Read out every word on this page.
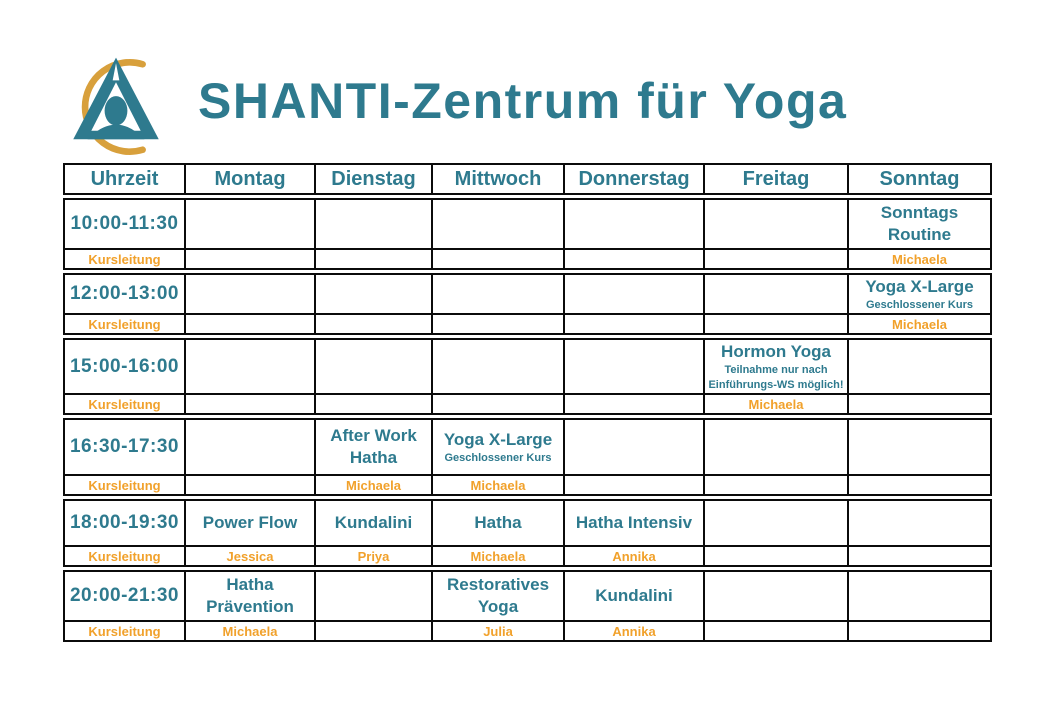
SHANTI-Zentrum für Yoga
Uhrzeit	Montag	Dienstag	Mittwoch	Donnerstag	Freitag	Sonntag
10:00-11:30						Sonntags Routine

Kursleitung						Michaela
12:00-13:00						Yoga X-Large
Geschlossener Kurs

Kursleitung						Michaela
15:00-16:00					Hormon Yoga
Teilnahme nur nach Einführungs-WS möglich!	

Kursleitung					Michaela	
16:30-17:30		After Work Hatha	Yoga X-Large
Geschlossener Kurs			

Kursleitung		Michaela	Michaela			
18:00-19:30	Power Flow	Kundalini	Hatha	Hatha Intensiv		

Kursleitung	Jessica	Priya	Michaela	Annika		
20:00-21:30	Hatha Prävention		Restoratives Yoga	Kundalini		

Kursleitung	Michaela		Julia	Annika		
